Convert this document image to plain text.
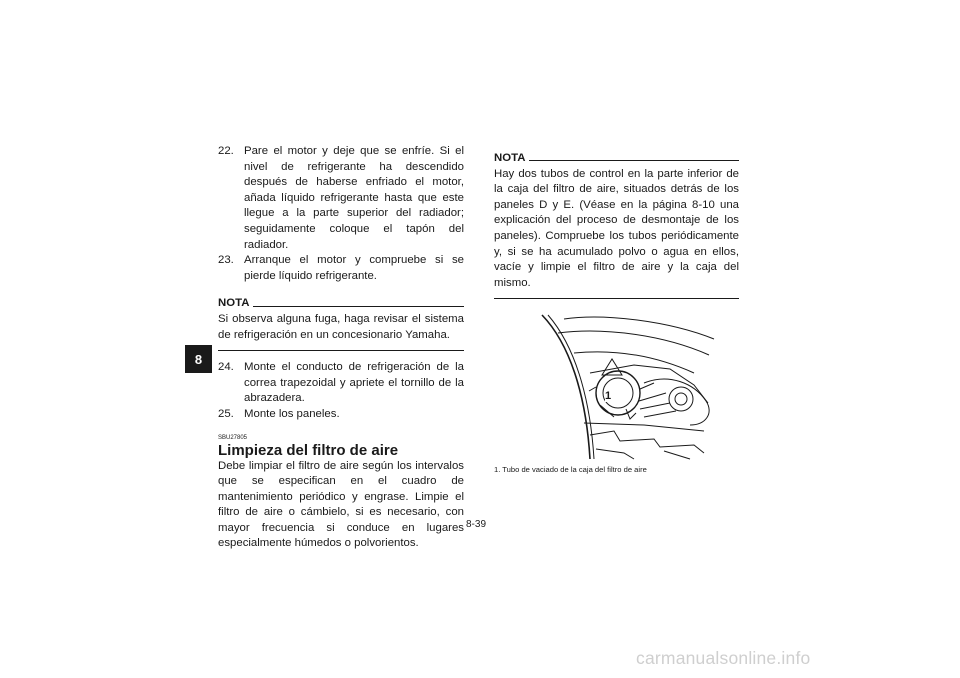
8
22. Pare el motor y deje que se enfríe. Si el nivel de refrigerante ha descendido después de haberse enfriado el motor, añada líquido refrigerante hasta que este llegue a la parte superior del radiador; seguidamente coloque el tapón del radiador.
23. Arranque el motor y compruebe si se pierde líquido refrigerante.
NOTA
Si observa alguna fuga, haga revisar el sistema de refrigeración en un concesionario Yamaha.
24. Monte el conducto de refrigeración de la correa trapezoidal y apriete el tornillo de la abrazadera.
25. Monte los paneles.
SBU27805
Limpieza del filtro de aire
Debe limpiar el filtro de aire según los intervalos que se especifican en el cuadro de mantenimiento periódico y engrase. Limpie el filtro de aire o cámbielo, si es necesario, con mayor frecuencia si conduce en lugares especialmente húmedos o polvorientos.
NOTA
Hay dos tubos de control en la parte inferior de la caja del filtro de aire, situados detrás de los paneles D y E. (Véase en la página 8-10 una explicación del proceso de desmontaje de los paneles). Compruebe los tubos periódicamente y, si se ha acumulado polvo o agua en ellos, vacíe y limpie el filtro de aire y la caja del mismo.
1
1. Tubo de vaciado de la caja del filtro de aire
8-39
carmanualsonline.info
